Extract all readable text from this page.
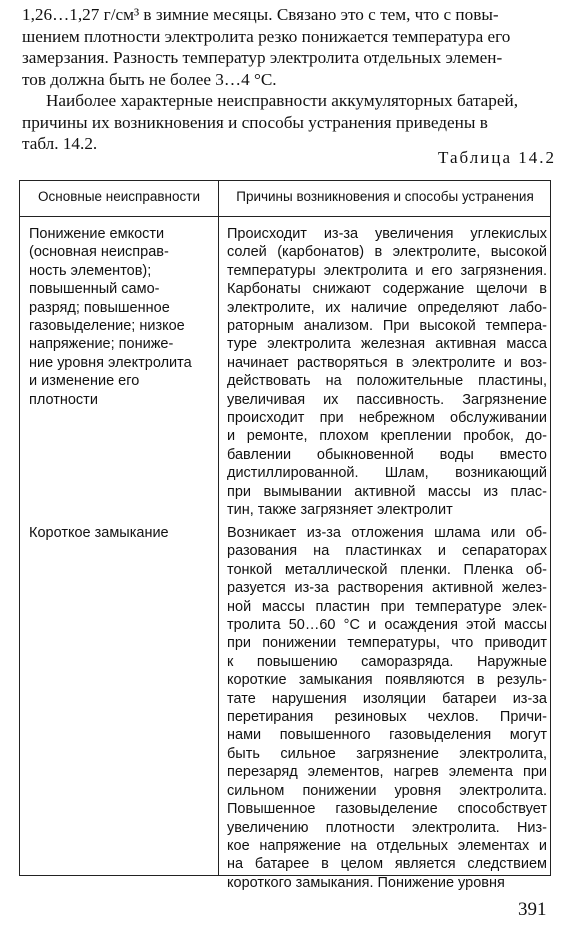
1,26…1,27 г/см³ в зимние месяцы. Связано это с тем, что с повы-
шением плотности электролита резко понижается температура его
замерзания. Разность температур электролита отдельных элемен-
тов должна быть не более 3…4 °С.

Наиболее характерные неисправности аккумуляторных батарей,
причины их возникновения и способы устранения приведены в
табл. 14.2.

Таблица 14.2
Основные неисправности	Причины возникновения и способы устранения
Понижение емкости
(основная неисправ-
ность элементов);
повышенный само-
разряд; повышенное
газовыделение; низкое
напряжение; пониже-
ние уровня электролита
и изменение его
плотности
Происходит из-за увеличения углекислых
солей (карбонатов) в электролите, высокой
температуры электролита и его загрязнения.
Карбонаты снижают содержание щелочи в
электролите, их наличие определяют лабо-
раторным анализом. При высокой темпера-
туре электролита железная активная масса
начинает растворяться в электролите и воз-
действовать на положительные пластины,
увеличивая их пассивность. Загрязнение
происходит при небрежном обслуживании
и ремонте, плохом креплении пробок, до-
бавлении обыкновенной воды вместо
дистиллированной. Шлам, возникающий
при вымывании активной массы из плас-
тин, также загрязняет электролит
Короткое замыкание	Возникает из-за отложения шлама или об-
разования на пластинках и сепараторах
тонкой металлической пленки. Пленка об-
разуется из-за растворения активной желез-
ной массы пластин при температуре элек-
тролита 50…60 °С и осаждения этой массы
при понижении температуры, что приводит
к повышению саморазряда. Наружные
короткие замыкания появляются в резуль-
тате нарушения изоляции батареи из-за
перетирания резиновых чехлов. Причи-
нами повышенного газовыделения могут
быть сильное загрязнение электролита,
перезаряд элементов, нагрев элемента при
сильном понижении уровня электролита.
Повышенное газовыделение способствует
увеличению плотности электролита. Низ-
кое напряжение на отдельных элементах и
на батарее в целом является следствием
короткого замыкания. Понижение уровня
391
